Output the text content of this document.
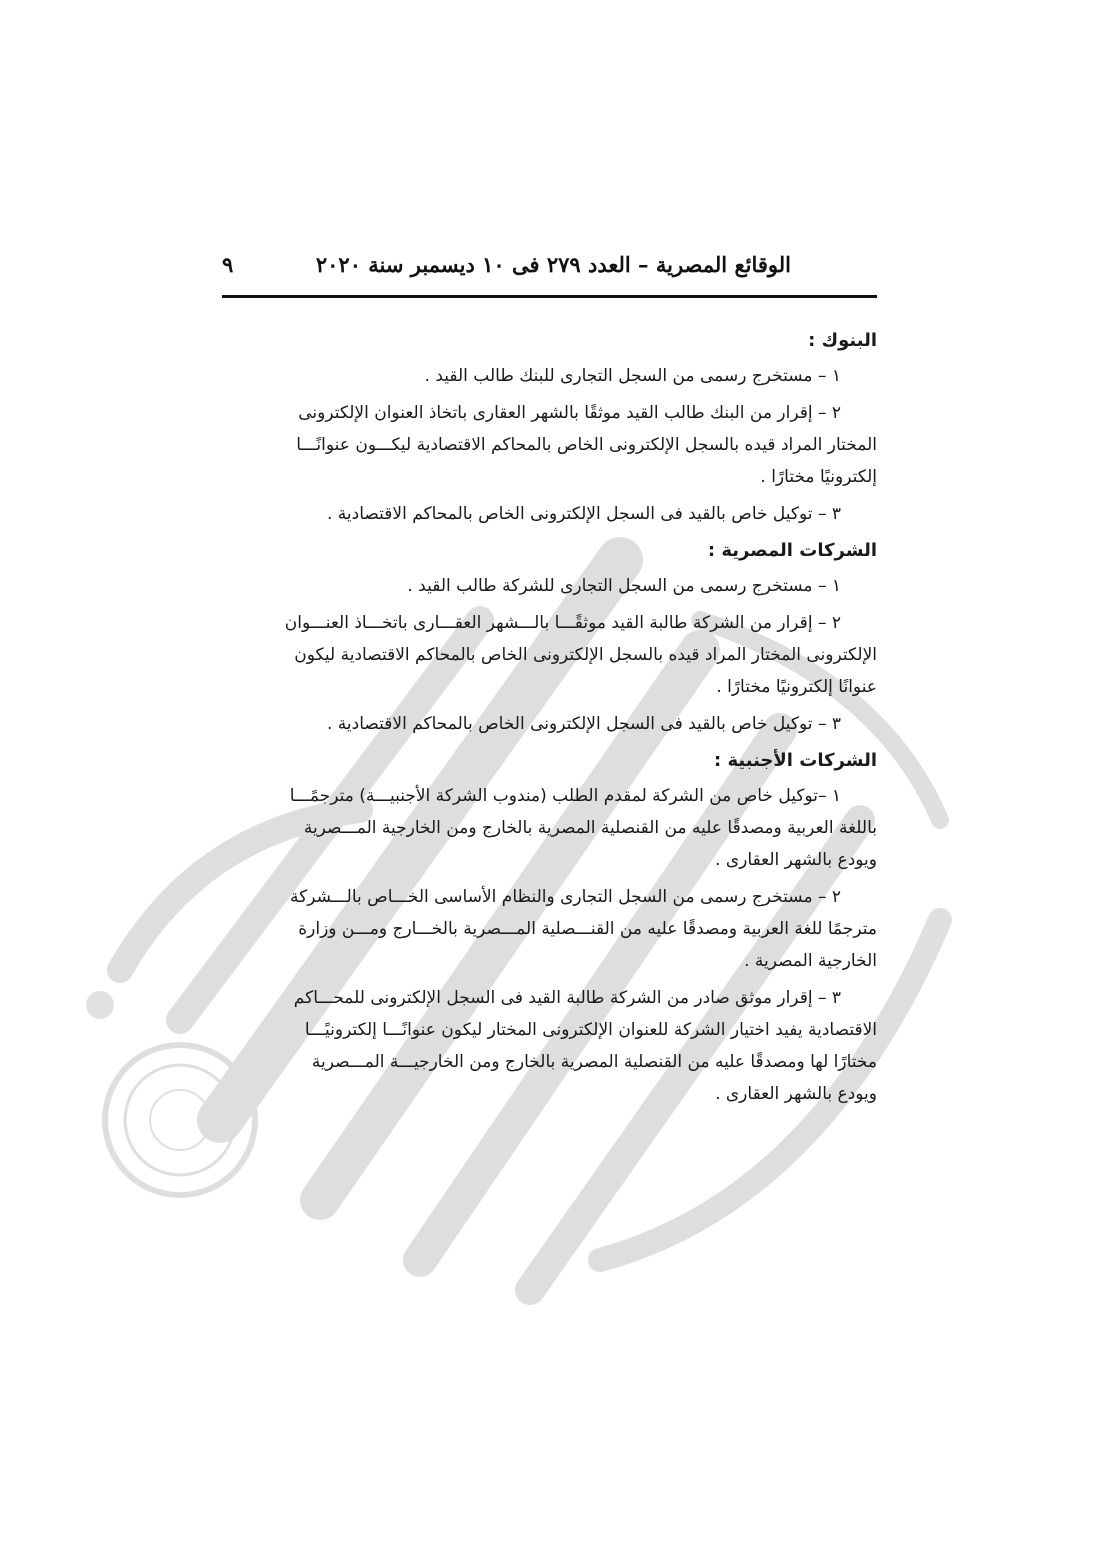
الوقائع المصرية – العدد ٢٧٩ فى ١٠ ديسمبر سنة ٢٠٢٠
٩
البنوك :
١ – مستخرج رسمى من السجل التجارى للبنك طالب القيد .
٢ – إقرار من البنك طالب القيد موثقًا بالشهر العقارى باتخاذ العنوان الإلكترونى
المختار المراد قيده بالسجل الإلكترونى الخاص بالمحاكم الاقتصادية ليكـــون عنوانًـــا
إلكترونيًا مختارًا .
٣ – توكيل خاص بالقيد فى السجل الإلكترونى الخاص بالمحاكم الاقتصادية .
الشركات المصرية :
١ – مستخرج رسمى من السجل التجارى للشركة طالب القيد .
٢ – إقرار من الشركة طالبة القيد موثقًـــا بالـــشهر العقـــارى باتخـــاذ العنـــوان
الإلكترونى المختار المراد قيده بالسجل الإلكترونى الخاص بالمحاكم الاقتصادية ليكون
عنوانًا إلكترونيًا مختارًا .
٣ – توكيل خاص بالقيد فى السجل الإلكترونى الخاص بالمحاكم الاقتصادية .
الشركات الأجنبية :
١ –توكيل خاص من الشركة لمقدم الطلب (مندوب الشركة الأجنبيـــة) مترجمًـــا
باللغة العربية ومصدقًا عليه من القنصلية المصرية بالخارج ومن الخارجية المـــصرية
ويودع بالشهر العقارى .
٢ – مستخرج رسمى من السجل التجارى والنظام الأساسى الخـــاص بالـــشركة
مترجمًا للغة العربية ومصدقًا عليه من القنـــصلية المـــصرية بالخـــارج ومـــن وزارة
الخارجية المصرية .
٣ – إقرار موثق صادر من الشركة طالبة القيد فى السجل الإلكترونى للمحـــاكم
الاقتصادية يفيد اختيار الشركة للعنوان الإلكترونى المختار ليكون عنوانًـــا إلكترونيًـــا
مختارًا لها ومصدقًا عليه من القنصلية المصرية بالخارج ومن الخارجيـــة المـــصرية
ويودع بالشهر العقارى .
